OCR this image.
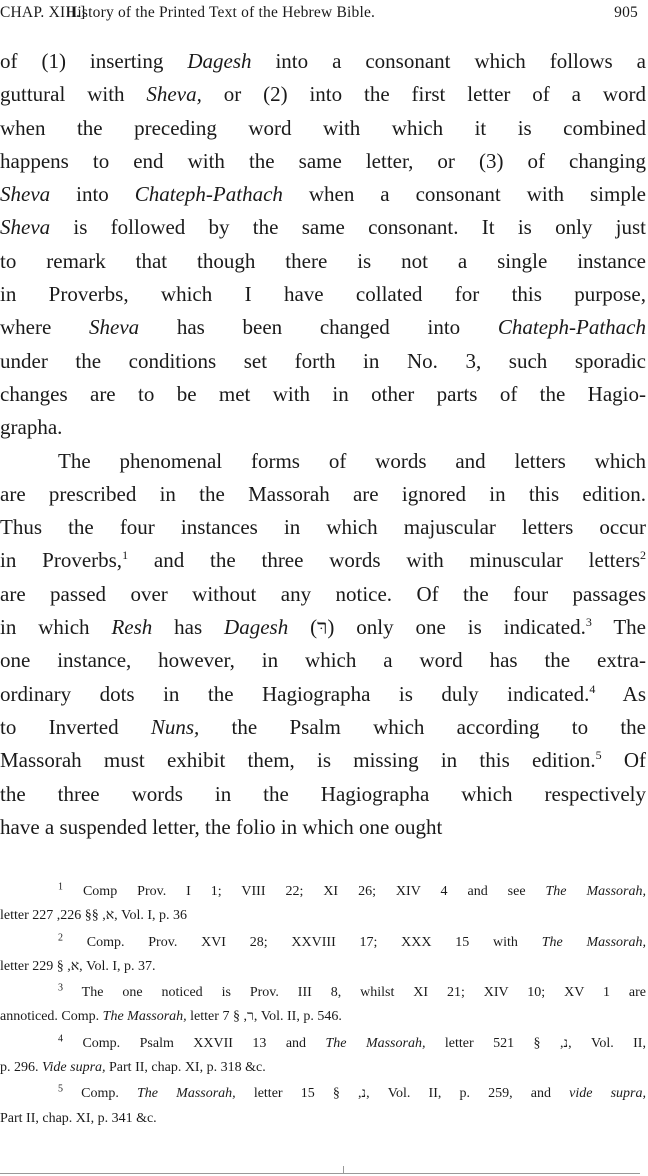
CHAP. XIII.]
History of the Printed Text of the Hebrew Bible.	905

of (1) inserting Dagesh into a consonant which follows a
guttural with Sheva, or (2) into the first letter of a word
when the preceding word with which it is combined
happens to end with the same letter, or (3) of changing
Sheva into Chateph-Pathach when a consonant with simple
Sheva is followed by the same consonant. It is only just
to remark that though there is not a single instance
in Proverbs, which I have collated for this purpose,
where Sheva has been changed into Chateph-Pathach
under the conditions set forth in No. 3, such sporadic
changes are to be met with in other parts of the Hagio-
grapha.

The phenomenal forms of words and letters which
are prescribed in the Massorah are ignored in this edition.
Thus the four instances in which majuscular letters occur
in Proverbs,$^1$ and the three words with minuscular letters$^2$
are passed over without any notice. Of the four passages
in which Resh has Dagesh (רּ) only one is indicated.$^3$ The
one instance, however, in which a word has the extra-
ordinary dots in the Hagiographa is duly indicated.$^4$ As
to Inverted Nuns, the Psalm which according to the
Massorah must exhibit them, is missing in this edition.$^5$ Of
the three words in the Hagiographa which respectively
have a suspended letter, the folio in which one ought

$^1$ Comp Prov. I 1; VIII 22; XI 26; XIV 4 and see The Massorah,
letter א, §§ 226, 227, Vol. I, p. 36
$^2$ Comp. Prov. XVI 28; XXVIII 17; XXX 15 with The Massorah,
letter א, § 229, Vol. I, p. 37.
$^3$ The one noticed is Prov. III 8, whilst XI 21; XIV 10; XV 1 are
annoticed. Comp. The Massorah, letter ר, § 7, Vol. II, p. 546.
$^4$ Comp. Psalm XXVII 13 and The Massorah, letter נ, § 521, Vol. II,
p. 296. Vide supra, Part II, chap. XI, p. 318 &c.
$^5$ Comp. The Massorah, letter נ, § 15, Vol. II, p. 259, and vide supra,
Part II, chap. XI, p. 341 &c.
